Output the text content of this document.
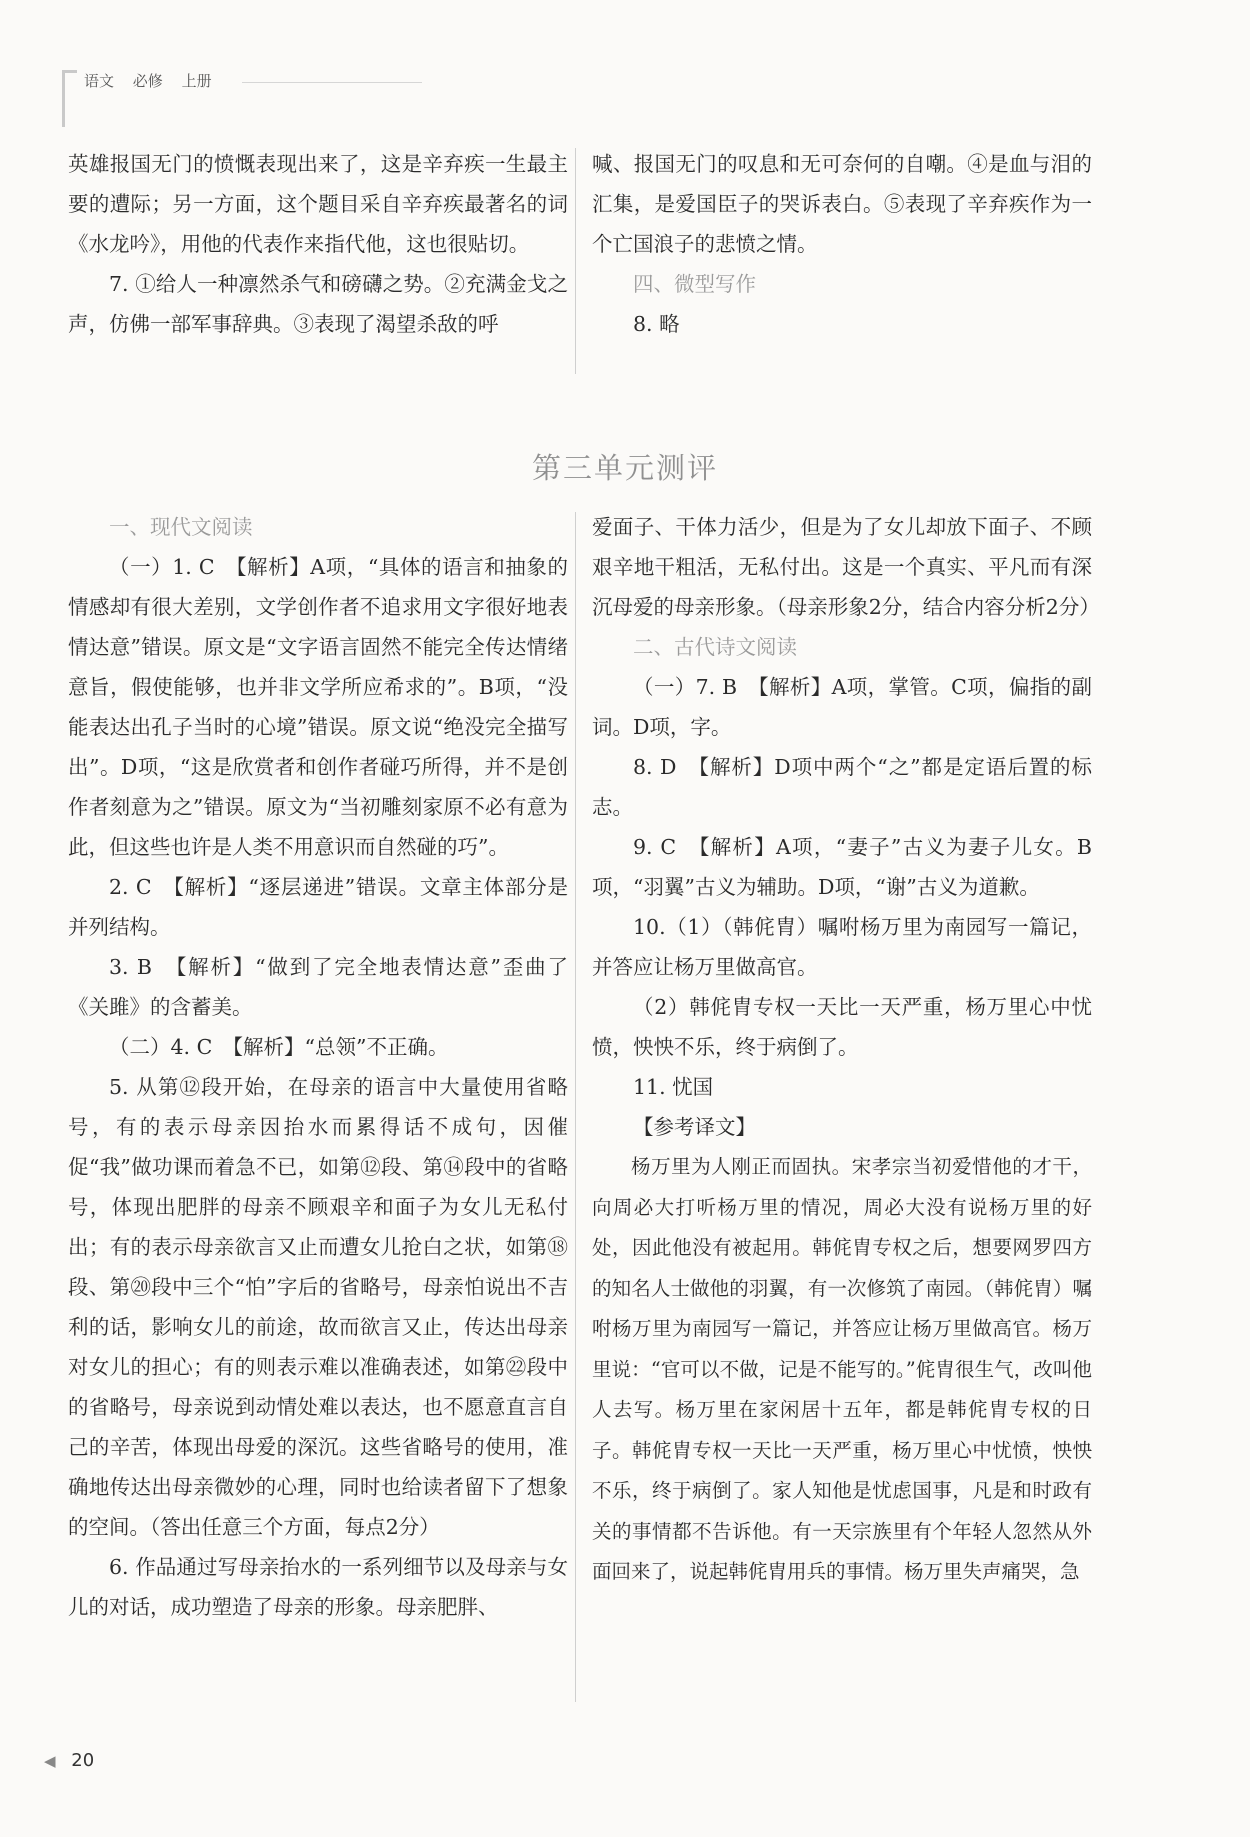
语文 必修 上册

英雄报国无门的愤慨表现出来了，这是辛弃疾一生最主要的遭际；另一方面，这个题目采自辛弃疾最著名的词《水龙吟》，用他的代表作来指代他，这也很贴切。

7. ①给人一种凛然杀气和磅礴之势。②充满金戈之声，仿佛一部军事辞典。③表现了渴望杀敌的呼

喊、报国无门的叹息和无可奈何的自嘲。④是血与泪的汇集，是爱国臣子的哭诉表白。⑤表现了辛弃疾作为一个亡国浪子的悲愤之情。

四、微型写作

8. 略

第三单元测评

一、现代文阅读

（一）1. C　【解析】A项，“具体的语言和抽象的情感却有很大差别，文学创作者不追求用文字很好地表情达意”错误。原文是“文字语言固然不能完全传达情绪意旨，假使能够，也并非文学所应希求的”。B项，“没能表达出孔子当时的心境”错误。原文说“绝没完全描写出”。D项，“这是欣赏者和创作者碰巧所得，并不是创作者刻意为之”错误。原文为“当初雕刻家原不必有意为此，但这些也许是人类不用意识而自然碰的巧”。

2. C　【解析】“逐层递进”错误。文章主体部分是并列结构。

3. B　【解析】“做到了完全地表情达意”歪曲了《关雎》的含蓄美。

（二）4. C　【解析】“总领”不正确。

5. 从第⑫段开始，在母亲的语言中大量使用省略号，有的表示母亲因抬水而累得话不成句，因催促“我”做功课而着急不已，如第⑫段、第⑭段中的省略号，体现出肥胖的母亲不顾艰辛和面子为女儿无私付出；有的表示母亲欲言又止而遭女儿抢白之状，如第⑱段、第⑳段中三个“怕”字后的省略号，母亲怕说出不吉利的话，影响女儿的前途，故而欲言又止，传达出母亲对女儿的担心；有的则表示难以准确表述，如第㉒段中的省略号，母亲说到动情处难以表达，也不愿意直言自己的辛苦，体现出母爱的深沉。这些省略号的使用，准确地传达出母亲微妙的心理，同时也给读者留下了想象的空间。（答出任意三个方面，每点2分）

6. 作品通过写母亲抬水的一系列细节以及母亲与女儿的对话，成功塑造了母亲的形象。母亲肥胖、

爱面子、干体力活少，但是为了女儿却放下面子、不顾艰辛地干粗活，无私付出。这是一个真实、平凡而有深沉母爱的母亲形象。（母亲形象2分，结合内容分析2分）

二、古代诗文阅读

（一）7. B　【解析】A项，掌管。C项，偏指的副词。D项，字。

8. D　【解析】D项中两个“之”都是定语后置的标志。

9. C　【解析】A项，“妻子”古义为妻子儿女。B项，“羽翼”古义为辅助。D项，“谢”古义为道歉。

10.（1）（韩侂胄）嘱咐杨万里为南园写一篇记，并答应让杨万里做高官。

（2）韩侂胄专权一天比一天严重，杨万里心中忧愤，怏怏不乐，终于病倒了。

11. 忧国

【参考译文】

杨万里为人刚正而固执。宋孝宗当初爱惜他的才干，向周必大打听杨万里的情况，周必大没有说杨万里的好处，因此他没有被起用。韩侂胄专权之后，想要网罗四方的知名人士做他的羽翼，有一次修筑了南园。（韩侂胄）嘱咐杨万里为南园写一篇记，并答应让杨万里做高官。杨万里说：“官可以不做，记是不能写的。”侂胄很生气，改叫他人去写。杨万里在家闲居十五年，都是韩侂胄专权的日子。韩侂胄专权一天比一天严重，杨万里心中忧愤，怏怏不乐，终于病倒了。家人知他是忧虑国事，凡是和时政有关的事情都不告诉他。有一天宗族里有个年轻人忽然从外面回来了，说起韩侂胄用兵的事情。杨万里失声痛哭，急

◀ 20
